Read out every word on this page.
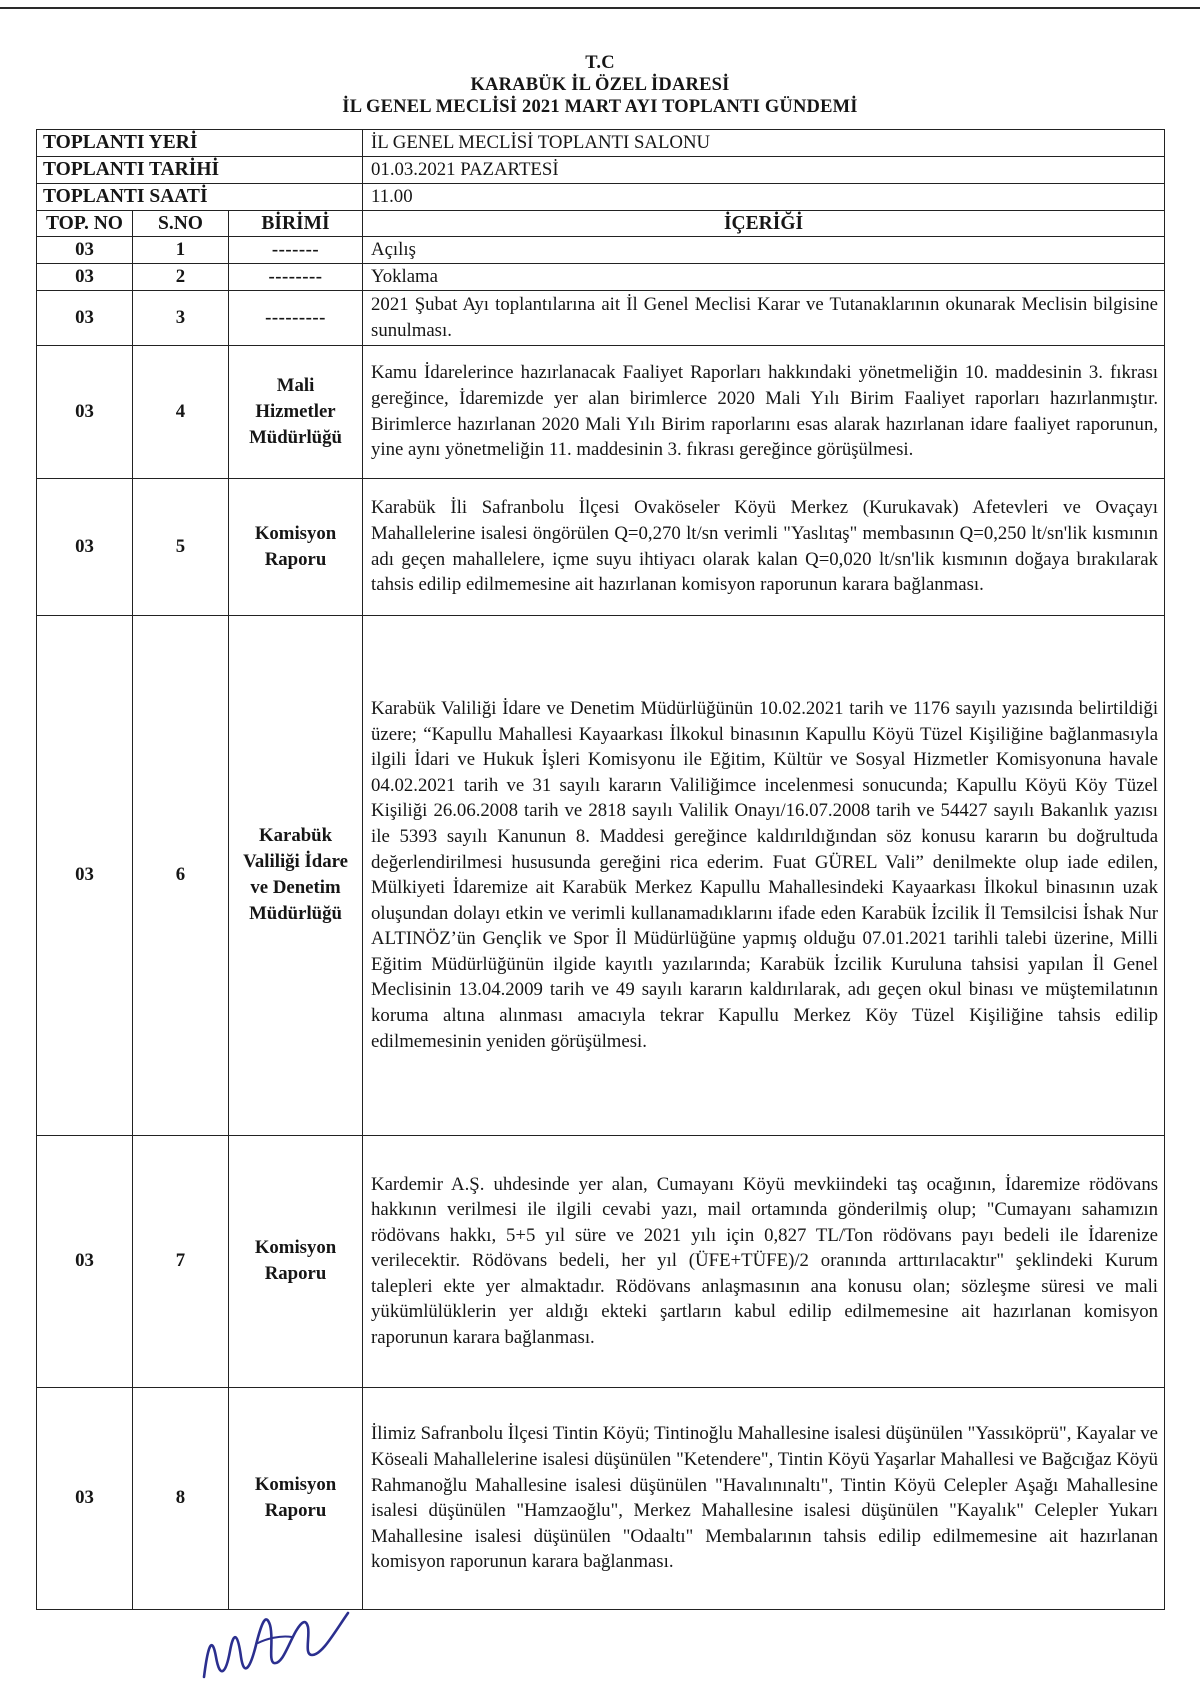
T.C
KARABÜK İL ÖZEL İDARESİ
İL GENEL MECLİSİ 2021 MART AYI TOPLANTI GÜNDEMİ
TOPLANTI YERİ			İL GENEL MECLİSİ TOPLANTI SALONU
TOPLANTI TARİHİ			01.03.2021 PAZARTESİ
TOPLANTI SAATİ			11.00
TOP. NO	S.NO	BİRİMİ	İÇERİĞİ
03	1	-------	Açılış
03	2	--------	Yoklama
03	3	---------	2021 Şubat Ayı toplantılarına ait İl Genel Meclisi Karar ve Tutanaklarının okunarak Meclisin bilgisine sunulması.
03	4	Mali Hizmetler Müdürlüğü	Kamu İdarelerince hazırlanacak Faaliyet Raporları hakkındaki yönetmeliğin 10. maddesinin 3. fıkrası gereğince, İdaremizde yer alan birimlerce 2020 Mali Yılı Birim Faaliyet raporları hazırlanmıştır. Birimlerce hazırlanan 2020 Mali Yılı Birim raporlarını esas alarak hazırlanan idare faaliyet raporunun, yine aynı yönetmeliğin 11. maddesinin 3. fıkrası gereğince görüşülmesi.
03	5	Komisyon Raporu	Karabük İli Safranbolu İlçesi Ovaköseler Köyü Merkez (Kurukavak) Afetevleri ve Ovaçayı Mahallelerine isalesi öngörülen Q=0,270 lt/sn verimli "Yaslıtaş" membasının Q=0,250 lt/sn'lik kısmının adı geçen mahallelere, içme suyu ihtiyacı olarak kalan Q=0,020 lt/sn'lik kısmının doğaya bırakılarak tahsis edilip edilmemesine ait hazırlanan komisyon raporunun karara bağlanması.
03	6	Karabük Valiliği İdare ve Denetim Müdürlüğü	Karabük Valiliği İdare ve Denetim Müdürlüğünün 10.02.2021 tarih ve 1176 sayılı yazısında belirtildiği üzere; “Kapullu Mahallesi Kayaarkası İlkokul binasının Kapullu Köyü Tüzel Kişiliğine bağlanmasıyla ilgili İdari ve Hukuk İşleri Komisyonu ile Eğitim, Kültür ve Sosyal Hizmetler Komisyonuna havale 04.02.2021 tarih ve 31 sayılı kararın Valiliğimce incelenmesi sonucunda; Kapullu Köyü Köy Tüzel Kişiliği 26.06.2008 tarih ve 2818 sayılı Valilik Onayı/16.07.2008 tarih ve 54427 sayılı Bakanlık yazısı ile 5393 sayılı Kanunun 8. Maddesi gereğince kaldırıldığından söz konusu kararın bu doğrultuda değerlendirilmesi hususunda gereğini rica ederim. Fuat GÜREL Vali” denilmekte olup iade edilen, Mülkiyeti İdaremize ait Karabük Merkez Kapullu Mahallesindeki Kayaarkası İlkokul binasının uzak oluşundan dolayı etkin ve verimli kullanamadıklarını ifade eden Karabük İzcilik İl Temsilcisi İshak Nur ALTINÖZ’ün Gençlik ve Spor İl Müdürlüğüne yapmış olduğu 07.01.2021 tarihli talebi üzerine, Milli Eğitim Müdürlüğünün ilgide kayıtlı yazılarında; Karabük İzcilik Kuruluna tahsisi yapılan İl Genel Meclisinin 13.04.2009 tarih ve 49 sayılı kararın kaldırılarak, adı geçen okul binası ve müştemilatının koruma altına alınması amacıyla tekrar Kapullu Merkez Köy Tüzel Kişiliğine tahsis edilip edilmemesinin yeniden görüşülmesi.
03	7	Komisyon Raporu	Kardemir A.Ş. uhdesinde yer alan, Cumayanı Köyü mevkiindeki taş ocağının, İdaremize rödövans hakkının verilmesi ile ilgili cevabi yazı, mail ortamında gönderilmiş olup; "Cumayanı sahamızın rödövans hakkı, 5+5 yıl süre ve 2021 yılı için 0,827 TL/Ton rödövans payı bedeli ile İdarenize verilecektir. Rödövans bedeli, her yıl (ÜFE+TÜFE)/2 oranında arttırılacaktır" şeklindeki Kurum talepleri ekte yer almaktadır. Rödövans anlaşmasının ana konusu olan; sözleşme süresi ve mali yükümlülüklerin yer aldığı ekteki şartların kabul edilip edilmemesine ait hazırlanan komisyon raporunun karara bağlanması.
03	8	Komisyon Raporu	İlimiz Safranbolu İlçesi Tintin Köyü; Tintinoğlu Mahallesine isalesi düşünülen "Yassıköprü", Kayalar ve Köseali Mahallelerine isalesi düşünülen "Ketendere", Tintin Köyü Yaşarlar Mahallesi ve Bağcığaz Köyü Rahmanoğlu Mahallesine isalesi düşünülen "Havalınınaltı", Tintin Köyü Celepler Aşağı Mahallesine isalesi düşünülen "Hamzaoğlu", Merkez Mahallesine isalesi düşünülen "Kayalık" Celepler Yukarı Mahallesine isalesi düşünülen "Odaaltı" Membalarının tahsis edilip edilmemesine ait hazırlanan komisyon raporunun karara bağlanması.
